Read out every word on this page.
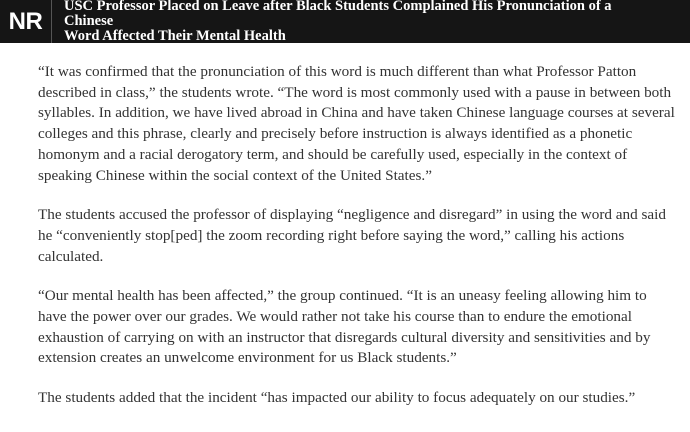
NR
USC Professor Placed on Leave after Black Students Complained His Pronunciation of a Chinese
Word Affected Their Mental Health

“It was confirmed that the pronunciation of this word is much different than what Professor Patton described in class,” the students wrote. “The word is most commonly used with a pause in between both syllables. In addition, we have lived abroad in China and have taken Chinese language courses at several colleges and this phrase, clearly and precisely before instruction is always identified as a phonetic homonym and a racial derogatory term, and should be carefully used, especially in the context of speaking Chinese within the social context of the United States.”

The students accused the professor of displaying “negligence and disregard” in using the word and said he “conveniently stop[ped] the zoom recording right before saying the word,” calling his actions calculated.

“Our mental health has been affected,” the group continued. “It is an uneasy feeling allowing him to have the power over our grades. We would rather not take his course than to endure the emotional exhaustion of carrying on with an instructor that disregards cultural diversity and sensitivities and by extension creates an unwelcome environment for us Black students.”

The students added that the incident “has impacted our ability to focus adequately on our studies.”
